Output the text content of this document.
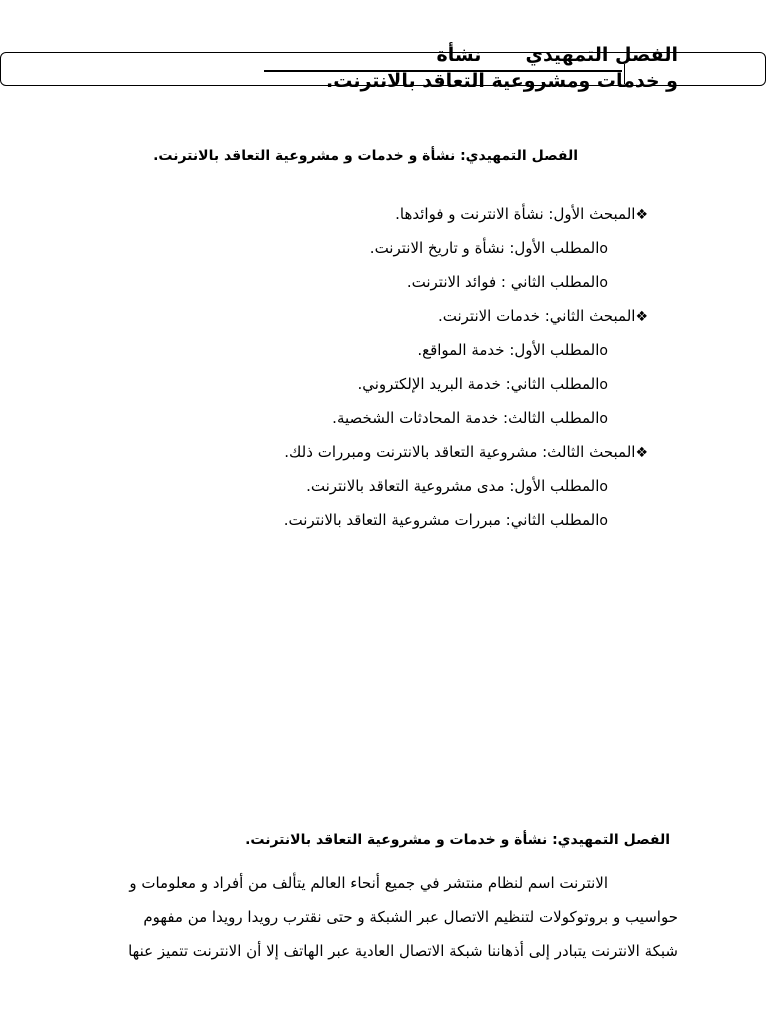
الفصل التمهيدي نشأة
و خدمات ومشروعية التعاقد بالانترنت.
الفصل التمهيدي: نشأة و خدمات و مشروعية التعاقد بالانترنت.
❖المبحث الأول: نشأة الانترنت و فوائدها.
oالمطلب الأول: نشأة و تاريخ الانترنت.
oالمطلب الثاني : فوائد الانترنت.
❖المبحث الثاني: خدمات الانترنت.
oالمطلب الأول: خدمة المواقع.
oالمطلب الثاني: خدمة البريد الإلكتروني.
oالمطلب الثالث: خدمة المحادثات الشخصية.
❖المبحث الثالث: مشروعية التعاقد بالانترنت ومبررات ذلك.
oالمطلب الأول: مدى مشروعية التعاقد بالانترنت.
oالمطلب الثاني: مبررات مشروعية التعاقد بالانترنت.
الفصل التمهيدي: نشأة و خدمات و مشروعية التعاقد بالانترنت.
الانترنت اسم لنظام منتشر في جميع أنحاء العالم يتألف من أفراد و معلومات و
حواسيب و بروتوكولات لتنظيم الاتصال عبر الشبكة و حتى نقترب رويدا رويدا من مفهوم
شبكة الانترنت يتبادر إلى أذهاننا شبكة الاتصال العادية عبر الهاتف إلا أن الانترنت تتميز عنها
